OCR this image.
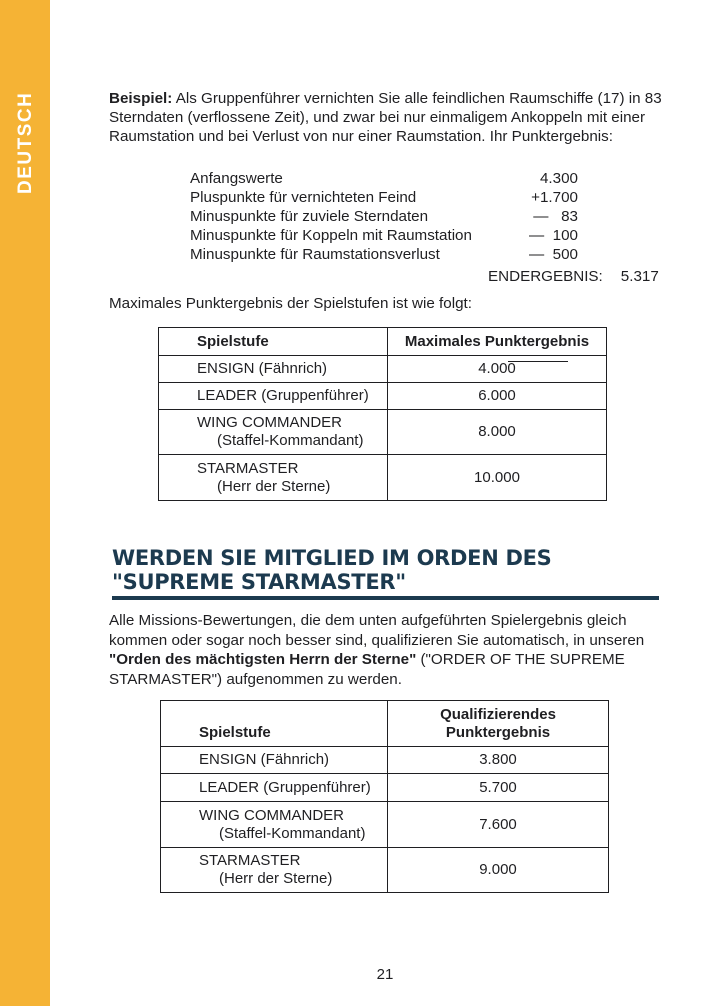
DEUTSCH	Beispiel: Als Gruppenführer vernichten Sie alle feindlichen Raumschiffe (17) in 83 Sterndaten (verflossene Zeit), und zwar bei nur einmaligem Ankoppeln mit einer Raumstation und bei Verlust von nur einer Raumstation. Ihr Punktergebnis:

Anfangswerte	4.300
Pluspunkte für vernichteten Feind	+1.700
Minuspunkte für zuviele Sterndaten	—   83
Minuspunkte für Koppeln mit Raumstation	—  100
Minuspunkte für Raumstationsverlust	—  500
ENDERGEBNIS: 5.317
Maximales Punktergebnis der Spielstufen ist wie folgt:
Spielstufe	Maximales Punktergebnis
ENSIGN (Fähnrich)	4.000
LEADER (Gruppenführer)	6.000
WING COMMANDER
(Staffel-Kommandant)	8.000
STARMASTER
(Herr der Sterne)	10.000
WERDEN SIE MITGLIED IM ORDEN DES
"SUPREME STARMASTER"

Alle Missions-Bewertungen, die dem unten aufgeführten Spielergebnis gleich kommen oder sogar noch besser sind, qualifizieren Sie automatisch, in unseren "Orden des mächtigsten Herrn der Sterne" ("ORDER OF THE SUPREME STARMASTER") aufgenommen zu werden.

Spielstufe	Qualifizierendes
Punktergebnis
ENSIGN (Fähnrich)	3.800
LEADER (Gruppenführer)	5.700
WING COMMANDER
(Staffel-Kommandant)	7.600
STARMASTER
(Herr der Sterne)	9.000
21
